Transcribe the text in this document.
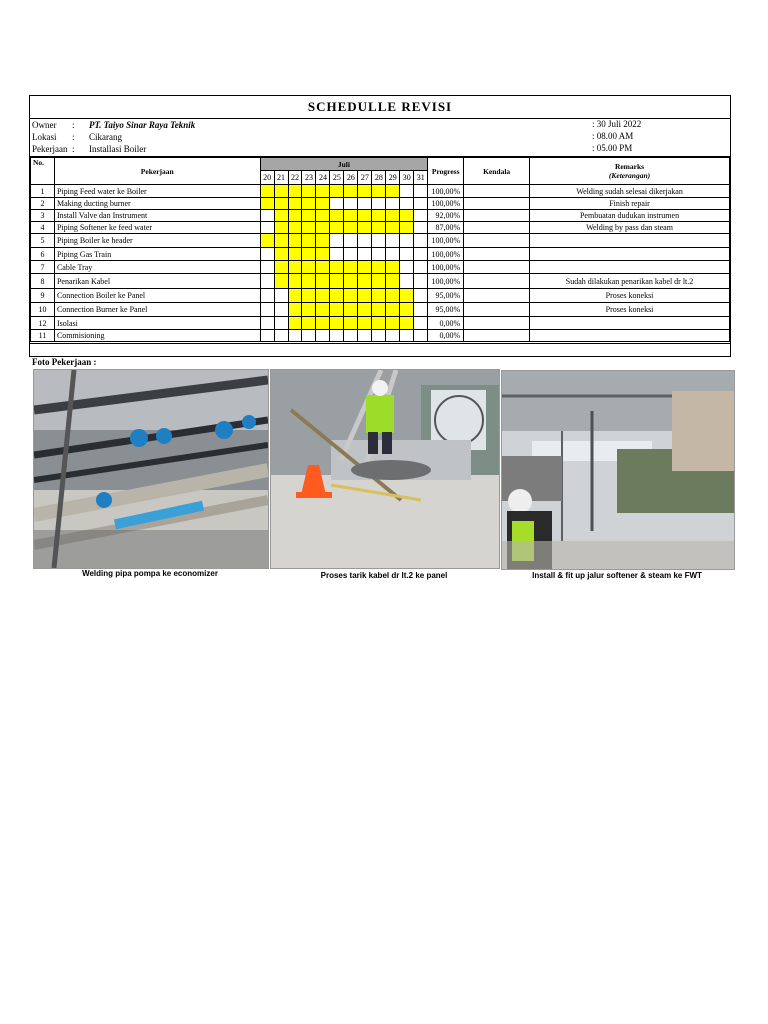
SCHEDULLE REVISI
Owner	: PT. Taiyo Sinar Raya Teknik
Lokasi	: Cikarang
Pekerjaan : Installasi Boiler
: 30 Juli 2022
: 08.00 AM
: 05.00 PM
No.	Pekerjaan	Juli												Progress	Kendala	Remarks
(Keterangan)

		20	21	22	23	24	25	26	27	28	29	30	31			
1	Piping Feed water ke Boiler													100,00%		Welding sudah selesai dikerjakan
2	Making ducting burner													100,00%		Finish repair
3	Install Valve dan Instrument													92,00%		Pembuatan dudukan instrumen
4	Piping Softener ke feed water													87,00%		Welding by pass dan steam
5	Piping Boiler ke header													100,00%		
6	Piping Gas Train													100,00%		
7	Cable Tray													100,00%		
8	Penarikan Kabel													100,00%		Sudah dilakukan penarikan kabel dr lt.2
9	Connection Boiler ke Panel													95,00%		Proses koneksi
10	Connection Burner ke Panel													95,00%		Proses koneksi
12	Isolasi													0,00%		
11	Commisioning													0,00%		
Foto Pekerjaan :
Welding pipa pompa ke economizer	Proses tarik kabel dr lt.2 ke panel	Install & fit up jalur softener & steam ke FWT
